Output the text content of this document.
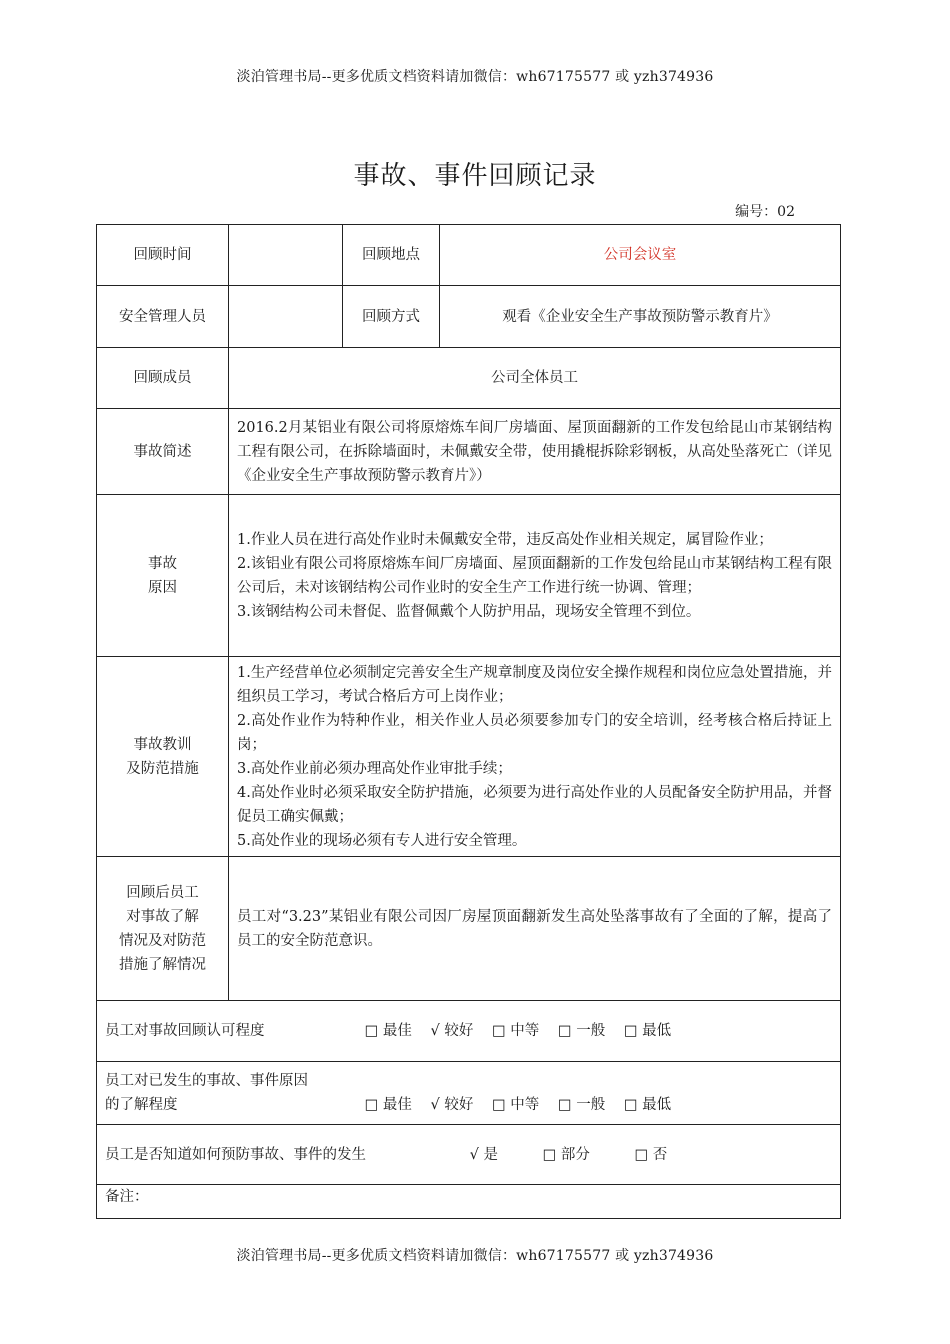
淡泊管理书局--更多优质文档资料请加微信：wh67175577 或 yzh374936
事故、事件回顾记录
编号：02
回顾时间		回顾地点	公司会议室
安全管理人员		回顾方式	观看《企业安全生产事故预防警示教育片》
回顾成员	公司全体员工		
事故简述	2016.2月某铝业有限公司将原熔炼车间厂房墙面、屋顶面翻新的工作发包给昆山市某钢结构工程有限公司，在拆除墙面时，未佩戴安全带，使用撬棍拆除彩钢板，从高处坠落死亡（详见《企业安全生产事故预防警示教育片》）		

事故
原因	1.作业人员在进行高处作业时未佩戴安全带，违反高处作业相关规定，属冒险作业；
2.该铝业有限公司将原熔炼车间厂房墙面、屋顶面翻新的工作发包给昆山市某钢结构工程有限公司后，未对该钢结构公司作业时的安全生产工作进行统一协调、管理；
3.该钢结构公司未督促、监督佩戴个人防护用品，现场安全管理不到位。		

事故教训
及防范措施	1.生产经营单位必须制定完善安全生产规章制度及岗位安全操作规程和岗位应急处置措施，并组织员工学习，考试合格后方可上岗作业；
2.高处作业作为特种作业，相关作业人员必须要参加专门的安全培训，经考核合格后持证上岗；
3.高处作业前必须办理高处作业审批手续；
4.高处作业时必须采取安全防护措施，必须要为进行高处作业的人员配备安全防护用品，并督促员工确实佩戴；
5.高处作业的现场必须有专人进行安全管理。		

回顾后员工
对事故了解
情况及对防范
措施了解情况	员工对“3.23”某铝业有限公司因厂房屋顶面翻新发生高处坠落事故有了全面的了解，提高了员工的安全防范意识。		
员工对事故回顾认可程度 □ 最佳 √ 较好 □ 中等 □ 一般 □ 最低			

员工对已发生的事故、事件原因
的了解程度 □ 最佳 √ 较好 □ 中等 □ 一般 □ 最低			
员工是否知道如何预防事故、事件的发生 √ 是 □ 部分 □ 否			
备注：			
淡泊管理书局--更多优质文档资料请加微信：wh67175577 或 yzh374936
